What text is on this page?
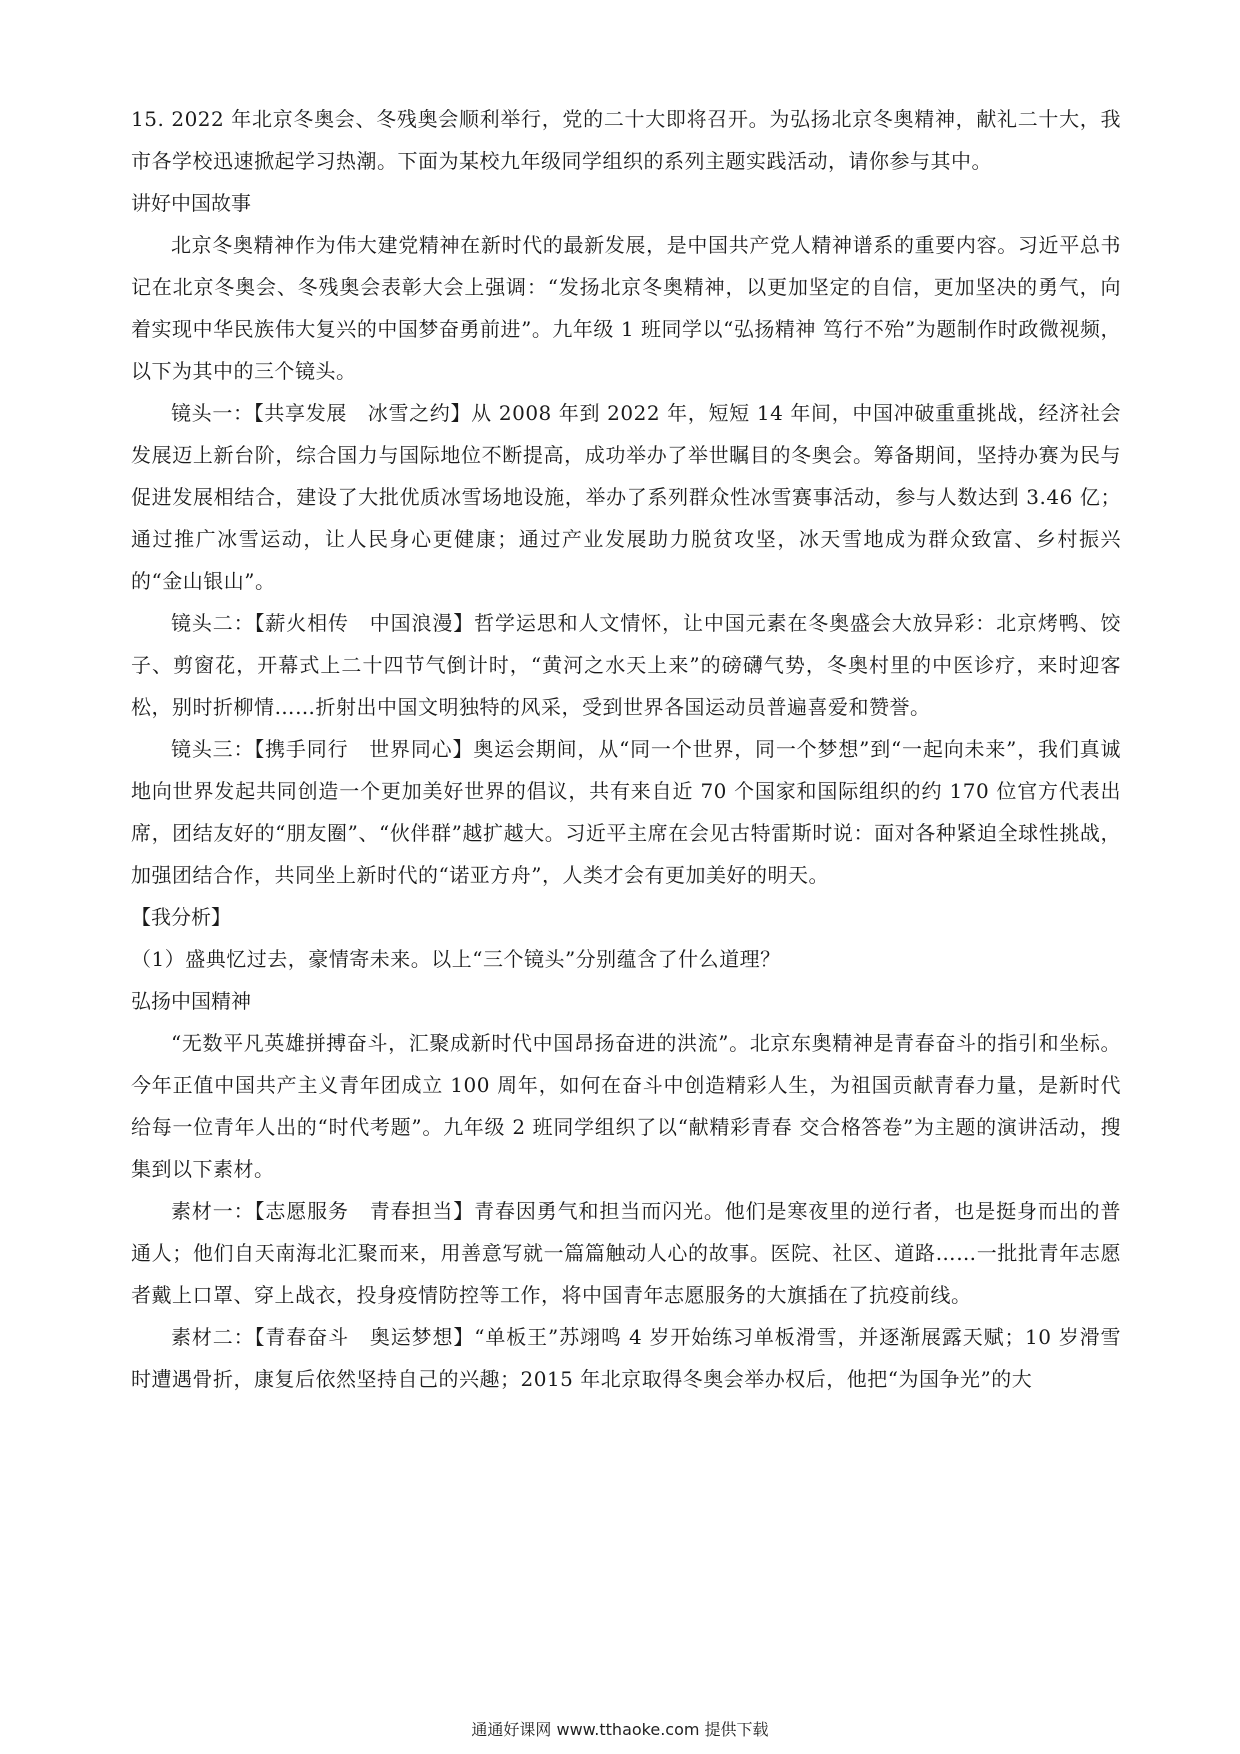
15. 2022 年北京冬奥会、冬残奥会顺利举行，党的二十大即将召开。为弘扬北京冬奥精神，献礼二十大，我市各学校迅速掀起学习热潮。下面为某校九年级同学组织的系列主题实践活动，请你参与其中。

讲好中国故事

北京冬奥精神作为伟大建党精神在新时代的最新发展，是中国共产党人精神谱系的重要内容。习近平总书记在北京冬奥会、冬残奥会表彰大会上强调：“发扬北京冬奥精神，以更加坚定的自信，更加坚决的勇气，向着实现中华民族伟大复兴的中国梦奋勇前进”。九年级 1 班同学以“弘扬精神 笃行不殆”为题制作时政微视频，以下为其中的三个镜头。

镜头一：【共享发展　冰雪之约】从 2008 年到 2022 年，短短 14 年间，中国冲破重重挑战，经济社会发展迈上新台阶，综合国力与国际地位不断提高，成功举办了举世瞩目的冬奥会。筹备期间，坚持办赛为民与促进发展相结合，建设了大批优质冰雪场地设施，举办了系列群众性冰雪赛事活动，参与人数达到 3.46 亿；通过推广冰雪运动，让人民身心更健康；通过产业发展助力脱贫攻坚，冰天雪地成为群众致富、乡村振兴的“金山银山”。

镜头二：【薪火相传　中国浪漫】哲学运思和人文情怀，让中国元素在冬奥盛会大放异彩：北京烤鸭、饺子、剪窗花，开幕式上二十四节气倒计时，“黄河之水天上来”的磅礴气势，冬奥村里的中医诊疗，来时迎客松，别时折柳情……折射出中国文明独特的风采，受到世界各国运动员普遍喜爱和赞誉。

镜头三：【携手同行　世界同心】奥运会期间，从“同一个世界，同一个梦想”到“一起向未来”，我们真诚地向世界发起共同创造一个更加美好世界的倡议，共有来自近 70 个国家和国际组织的约 170 位官方代表出席，团结友好的“朋友圈”、“伙伴群”越扩越大。习近平主席在会见古特雷斯时说：面对各种紧迫全球性挑战，加强团结合作，共同坐上新时代的“诺亚方舟”，人类才会有更加美好的明天。

【我分析】

（1）盛典忆过去，豪情寄未来。以上“三个镜头”分别蕴含了什么道理？

弘扬中国精神

“无数平凡英雄拼搏奋斗，汇聚成新时代中国昂扬奋进的洪流”。北京东奥精神是青春奋斗的指引和坐标。今年正值中国共产主义青年团成立 100 周年，如何在奋斗中创造精彩人生，为祖国贡献青春力量，是新时代给每一位青年人出的“时代考题”。九年级 2 班同学组织了以“献精彩青春 交合格答卷”为主题的演讲活动，搜集到以下素材。

素材一：【志愿服务　青春担当】青春因勇气和担当而闪光。他们是寒夜里的逆行者，也是挺身而出的普通人；他们自天南海北汇聚而来，用善意写就一篇篇触动人心的故事。医院、社区、道路……一批批青年志愿者戴上口罩、穿上战衣，投身疫情防控等工作，将中国青年志愿服务的大旗插在了抗疫前线。

素材二：【青春奋斗　奥运梦想】“单板王”苏翊鸣 4 岁开始练习单板滑雪，并逐渐展露天赋；10 岁滑雪时遭遇骨折，康复后依然坚持自己的兴趣；2015 年北京取得冬奥会举办权后，他把“为国争光”的大

通通好课网 www.tthaoke.com 提供下载
